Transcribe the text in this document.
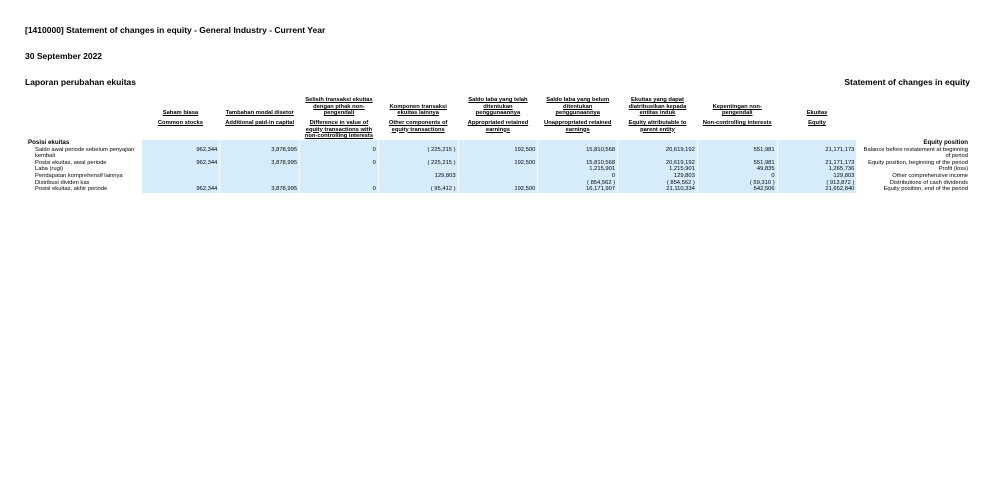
[1410000] Statement of changes in equity - General Industry - Current Year
30 September 2022
Laporan perubahan ekuitas	Statement of changes in equity
	Saham biasa	Tambahan modal disetor	Selisih transaksi ekuitas dengan pihak non-pengendali	Komponen transaksi ekuitas lainnya	Saldo laba yang telah ditentukan penggunaannya	Saldo laba yang belum ditentukan penggunaannya	Ekuitas yang dapat diatribusikan kepada entitas induk	Kepentingan non-pengendali	Ekuitas	
	Common stocks	Additional paid-in capital	Difference in value of equity transactions with non-controlling interests	Other components of equity transactions	Appropriated retained earnings	Unappropriated retained earnings	Equity attributable to parent entity	Non-controlling interests	Equity	
Posisi ekuitas										Equity position
Saldo awal periode sebelum penyajian kembali	962,344	3,878,995	0	( 225,215 )	192,500	15,810,568	20,619,192	551,981	21,171,173	Balance before restatement at beginning of period
Posisi ekuitas, awal periode	962,344	3,878,995	0	( 225,215 )	192,500	15,810,568	20,619,192	551,981	21,171,173	Equity position, beginning of the period
Laba (rugi)						1,215,901	1,215,901	49,835	1,265,736	Profit (loss)
Pendapatan komprehensif lainnya				129,803		0	129,803	0	129,803	Other comprehensive income
Distribusi dividen kas						( 854,562 )	( 854,562 )	( 59,310 )	( 913,872 )	Distributions of cash dividends
Posisi ekuitas, akhir periode	962,344	3,878,995	0	( 95,412 )	192,500	16,171,907	21,110,334	542,506	21,652,840	Equity position, end of the period
